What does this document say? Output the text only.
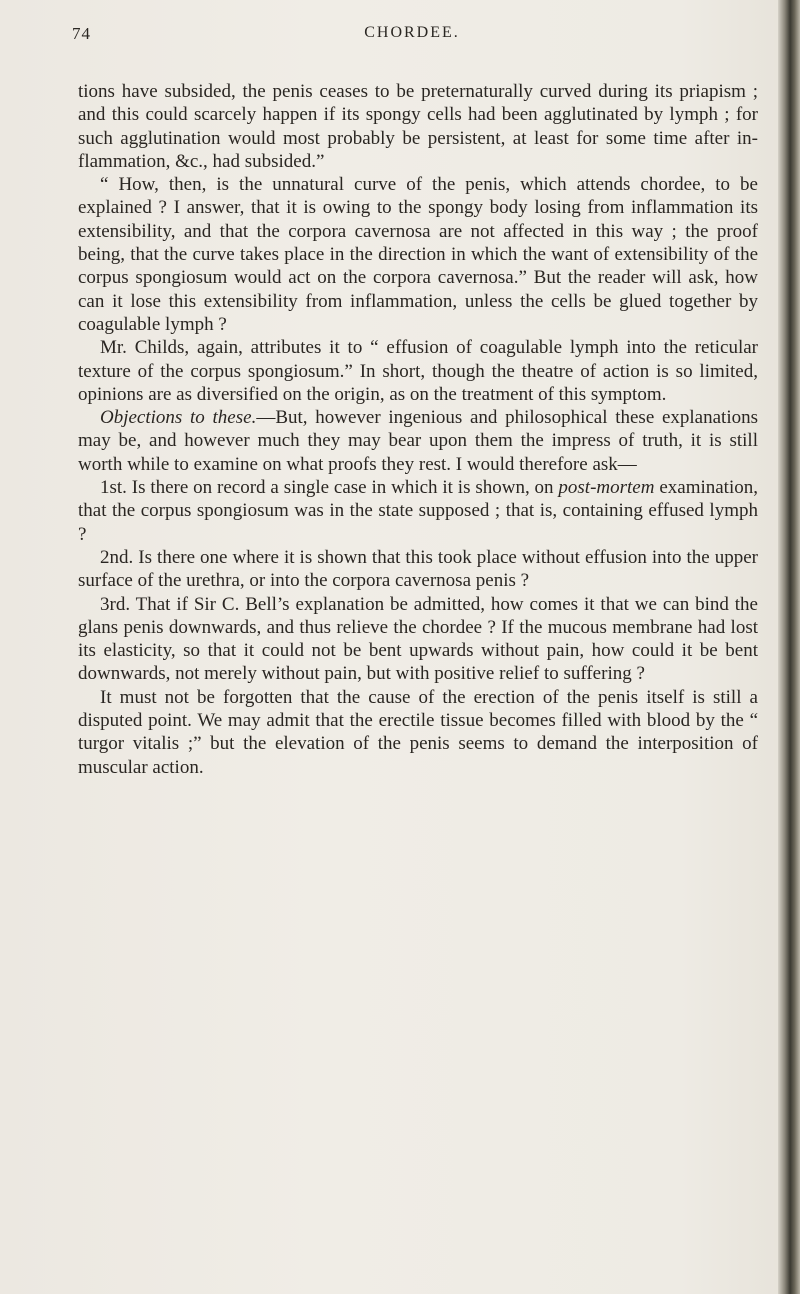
74	CHORDEE.

tions have subsided, the penis ceases to be preternaturally curved during its priapism ; and this could scarcely happen if its spongy cells had been agglutinated by lymph ; for such agglutination would most probably be persistent, at least for some time after in- flammation, &c., had subsided.”

“ How, then, is the unnatural curve of the penis, which attends chordee, to be explained ? I answer, that it is owing to the spongy body losing from inflammation its extensibility, and that the corpora cavernosa are not affected in this way ; the proof being, that the curve takes place in the direction in which the want of extensibility of the corpus spongiosum would act on the corpora cavernosa.” But the reader will ask, how can it lose this extensibility from inflammation, unless the cells be glued together by coagulable lymph ?

Mr. Childs, again, attributes it to “ effusion of coagulable lymph into the reticular texture of the corpus spongiosum.” In short, though the theatre of action is so limited, opinions are as diversified on the origin, as on the treatment of this symptom.

Objections to these.—But, however ingenious and philosophical these explanations may be, and however much they may bear upon them the impress of truth, it is still worth while to examine on what proofs they rest. I would therefore ask—

1st. Is there on record a single case in which it is shown, on post-mortem examination, that the corpus spongiosum was in the state supposed ; that is, containing effused lymph ?

2nd. Is there one where it is shown that this took place without effusion into the upper surface of the urethra, or into the corpora cavernosa penis ?

3rd. That if Sir C. Bell’s explanation be admitted, how comes it that we can bind the glans penis downwards, and thus relieve the chordee ? If the mucous membrane had lost its elasticity, so that it could not be bent upwards without pain, how could it be bent downwards, not merely without pain, but with positive relief to suffering ?

It must not be forgotten that the cause of the erection of the penis itself is still a disputed point. We may admit that the erectile tissue becomes filled with blood by the “ turgor vitalis ;” but the elevation of the penis seems to demand the interposition of muscular action.
